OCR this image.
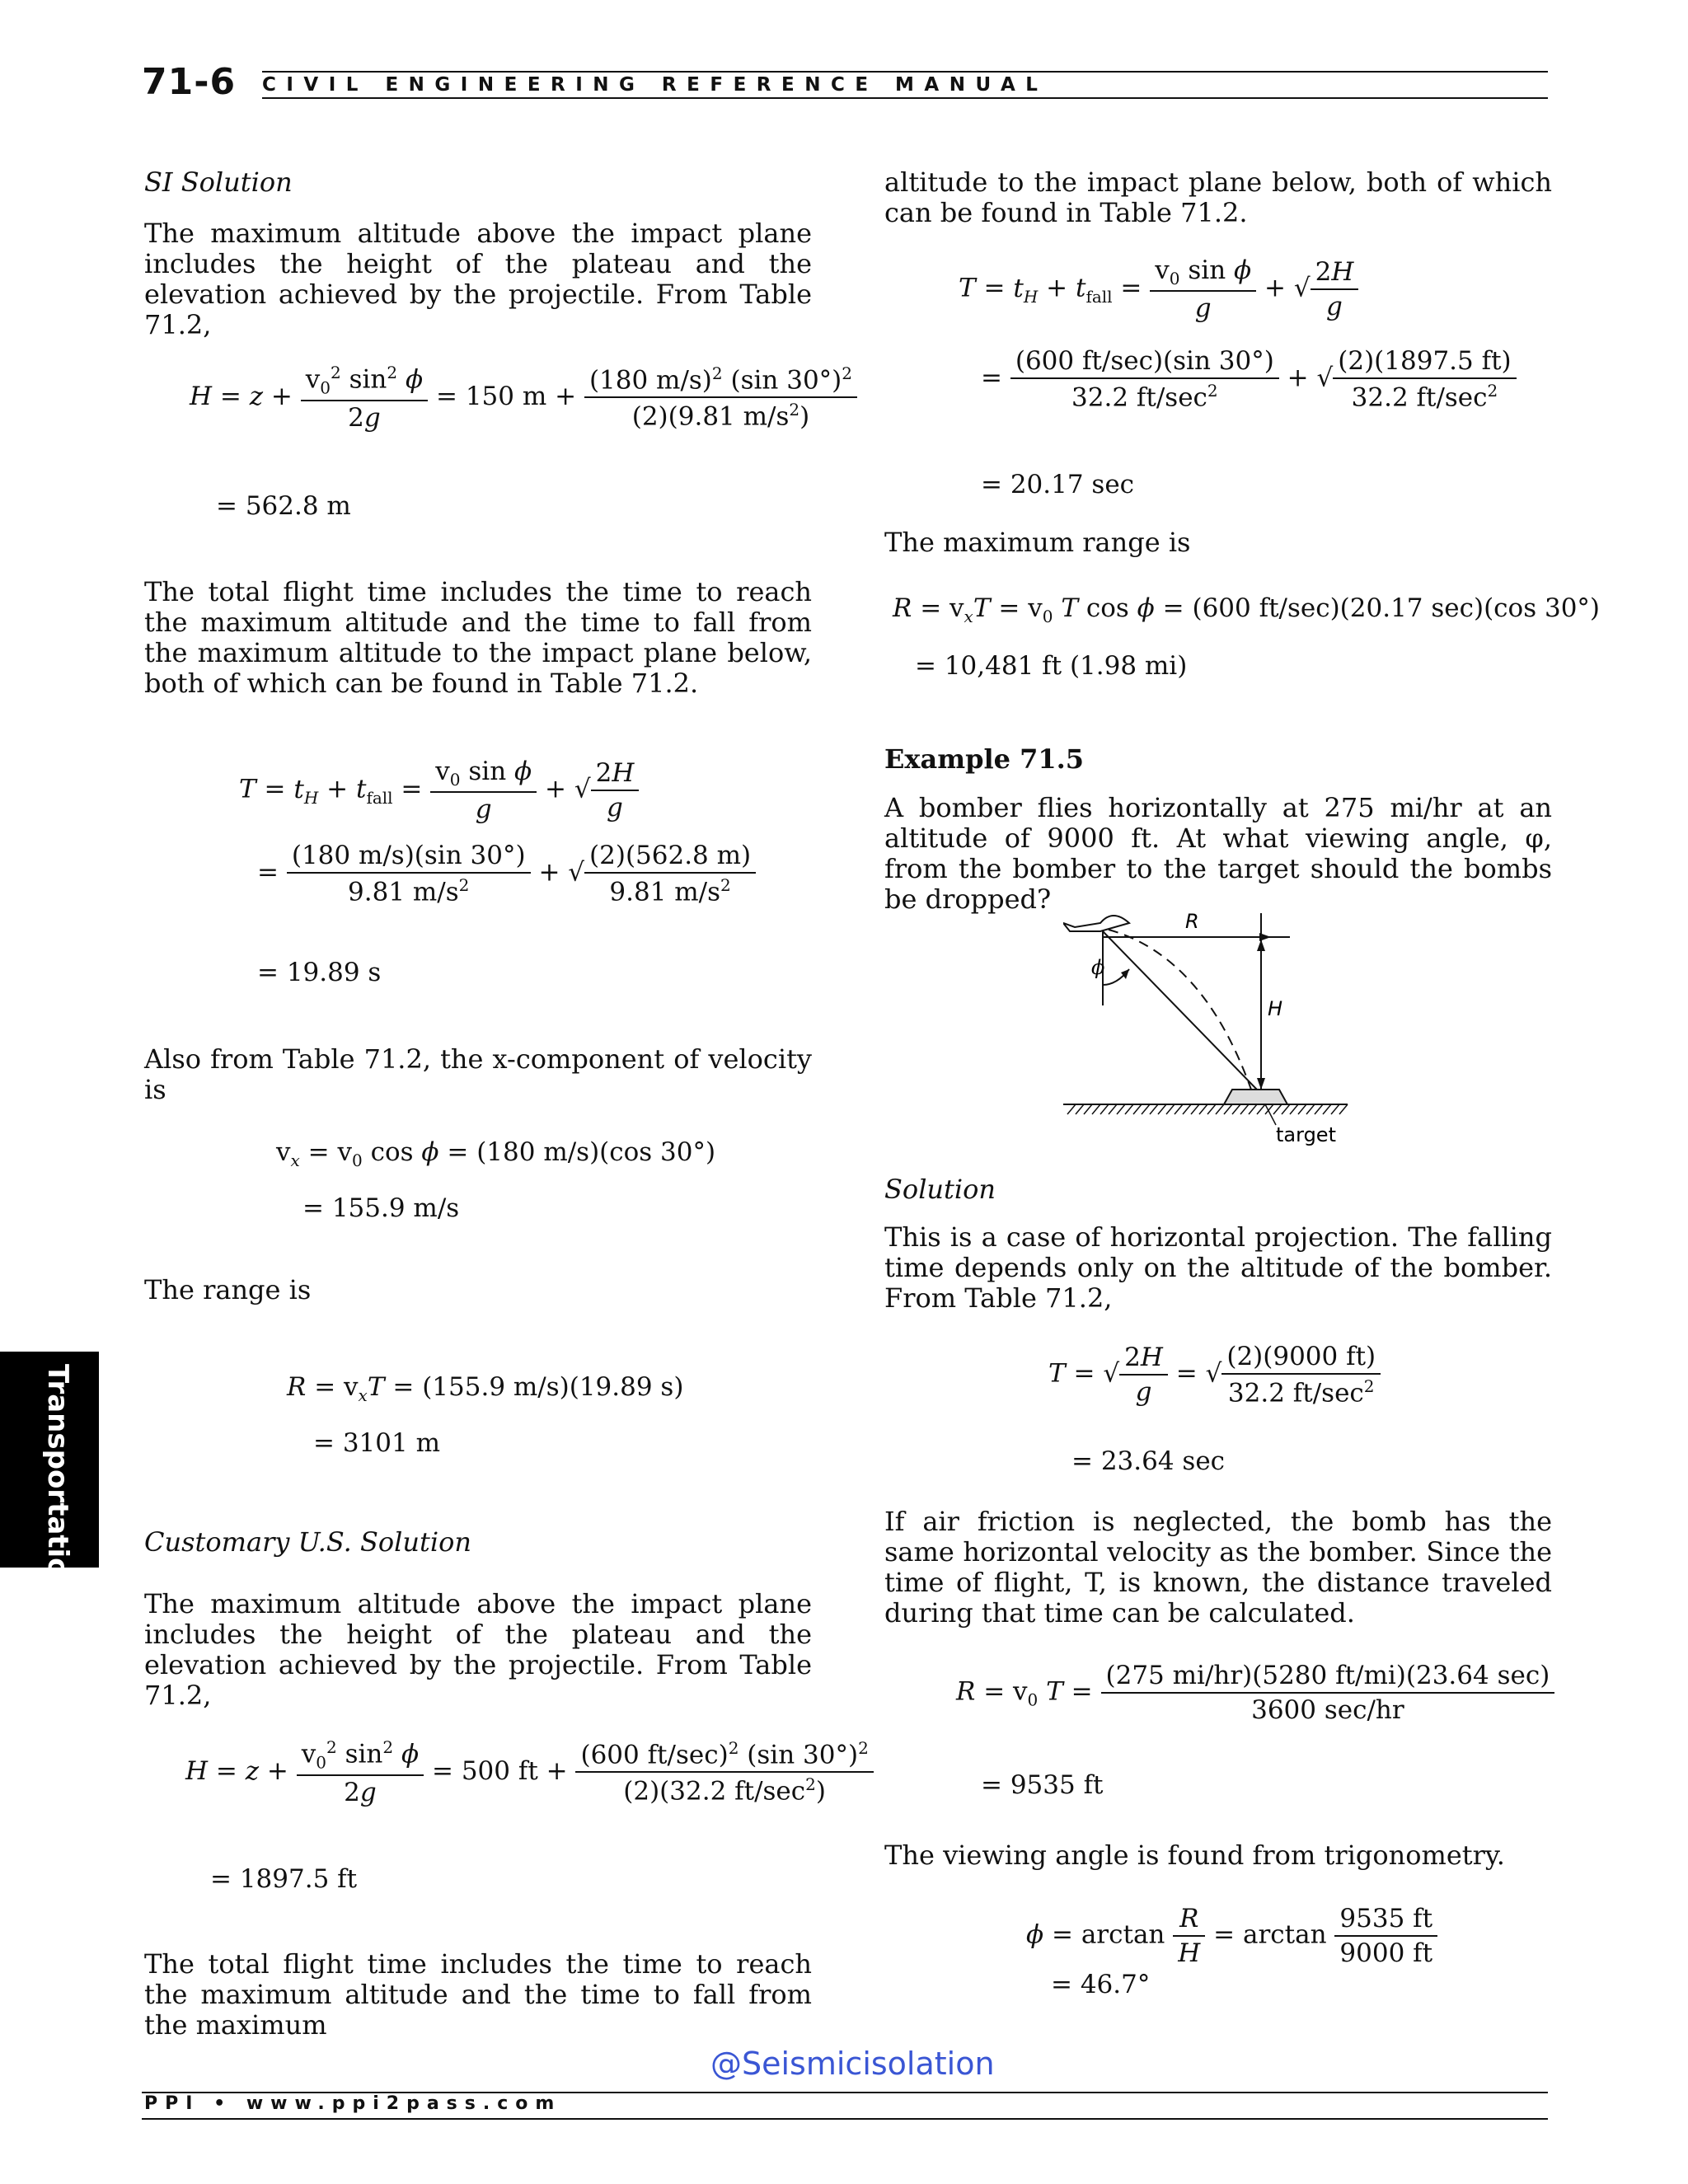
71-6 CIVIL ENGINEERING REFERENCE MANUAL
Transportation
SI Solution
The maximum altitude above the impact plane includes the height of the plateau and the elevation achieved by the projectile. From Table 71.2,
$H = z + \frac{v_0^2 \sin^2 \phi}{2g} = 150$ $m + \frac{(180 m/s)^2 (\sin 30^\circ)^2}{(2)(9.81 m/s^2)}$
= 562.8 m
The total flight time includes the time to reach the maximum altitude and the time to fall from the maximum altitude to the impact plane below, both of which can be found in Table 71.2.
$T = t_H + t_{fall} = \frac{v_0 \sin \phi}{g}$ + √ $\frac{2H}{g}$
= $\frac{(180 m/s)(\sin 30^\circ)}{9.81 m/s^2}$ + √ $\frac{(2)(562.8 m)}{9.81 m/s^2}$
= 19.89 s
Also from Table 71.2, the x-component of velocity is
$v_x = v_0$ cos ϕ = (180 m/s)(cos 30°)
= 155.9 m/s
The range is
$R = v_xT = (155.9$ m/s)(19.89 s)
= 3101 m
Customary U.S. Solution
The maximum altitude above the impact plane includes the height of the plateau and the elevation achieved by the projectile. From Table 71.2,
$H = z + \frac{v_0^2 \sin^2 \phi}{2g} = 500$ ft + $\frac{(600 ft/\sec)^2 (\sin 30^\circ)^2}{(2)(32.2 ft/\sec^2)}$
= 1897.5 ft
The total flight time includes the time to reach the maximum altitude and the time to fall from the maximum
altitude to the impact plane below, both of which can be found in Table 71.2.
$T = t_H + t_{fall} = \frac{v_0 \sin \phi}{g}$ + √ $\frac{2H}{g}$
= $\frac{(600 ft/\sec)(\sin 30^\circ)}{32.2 ft/\sec^2}$ + √ $\frac{(2)(1897.5 ft)}{32.2 ft/\sec^2}$
= 20.17 sec
The maximum range is
$R = v_xT = v_0$ T cos ϕ = (600 ft/sec)(20.17 sec)(cos 30°)
= 10,481 ft (1.98 mi)
Example 71.5
A bomber flies horizontally at 275 mi/hr at an altitude of 9000 ft. At what viewing angle, φ, from the bomber to the target should the bombs be dropped?
R
H
ϕ
target
Solution
This is a case of horizontal projection. The falling time depends only on the altitude of the bomber. From Table 71.2,
T = √ $\frac{2H}{g}$ = √ $\frac{(2)(9000 ft)}{32.2 ft/\sec^2}$
= 23.64 sec
If air friction is neglected, the bomb has the same horizontal velocity as the bomber. Since the time of flight, T, is known, the distance traveled during that time can be calculated.
$R = v_0$ $T = \frac{(275 mi/hr)(5280 ft/mi)(23.64 \sec)}{3600 \sec/hr}$
= 9535 ft
The viewing angle is found from trigonometry.
$\phi = \arctan \frac{R}{H} = \arctan \frac{9535 ft}{9000 ft}$
= 46.7°
@Seismicisolation
PPI • www.ppi2pass.com
